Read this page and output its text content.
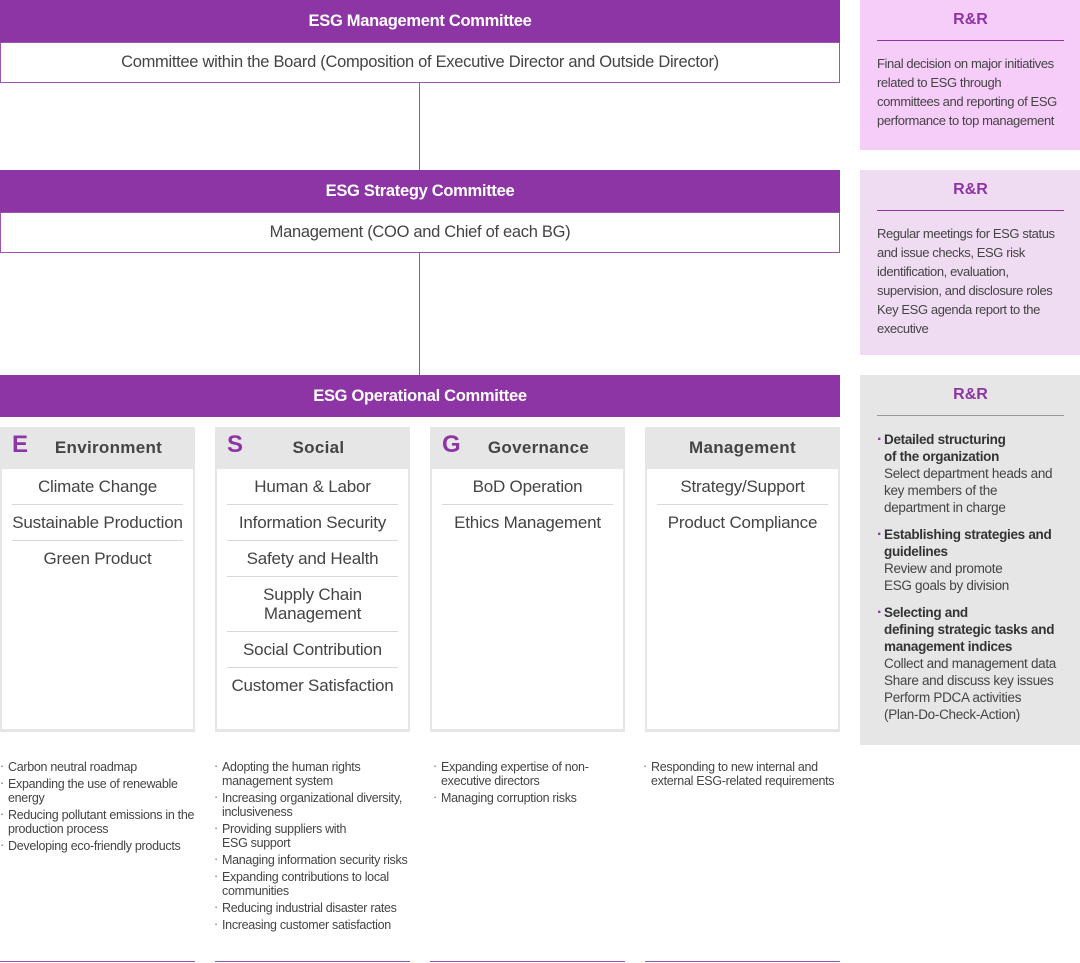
ESG Management Committee
Committee within the Board (Composition of Executive Director and Outside Director)
ESG Strategy Committee
Management (COO and Chief of each BG)
ESG Operational Committee
R&R
Final decision on major initiatives related to ESG through committees and reporting of ESG performance to top management
R&R
Regular meetings for ESG status and issue checks, ESG risk identification, evaluation, supervision, and disclosure roles Key ESG agenda report to the executive
R&R
· Detailed structuring
of the organization
Select department heads and
key members of the
department in charge
· Establishing strategies and
guidelines
Review and promote
ESG goals by division
· Selecting and
defining strategic tasks and
management indices
Collect and management data
Share and discuss key issues
Perform PDCA activities
(Plan-Do-Check-Action)
E	Environment
Climate Change
Sustainable Production
Green Product
S	Social
Human & Labor
Information Security
Safety and Health
Supply Chain Management
Social Contribution
Customer Satisfaction
G	Governance
BoD Operation
Ethics Management
Management
Strategy/Support
Product Compliance
· Carbon neutral roadmap
· Expanding the use of renewable energy
· Reducing pollutant emissions in the production process
· Developing eco-friendly products
· Adopting the human rights management system
· Increasing organizational diversity, inclusiveness
· Providing suppliers with ESG support
· Managing information security risks
· Expanding contributions to local communities
· Reducing industrial disaster rates
· Increasing customer satisfaction
· Expanding expertise of non-executive directors
· Managing corruption risks
· Responding to new internal and external ESG-related requirements
